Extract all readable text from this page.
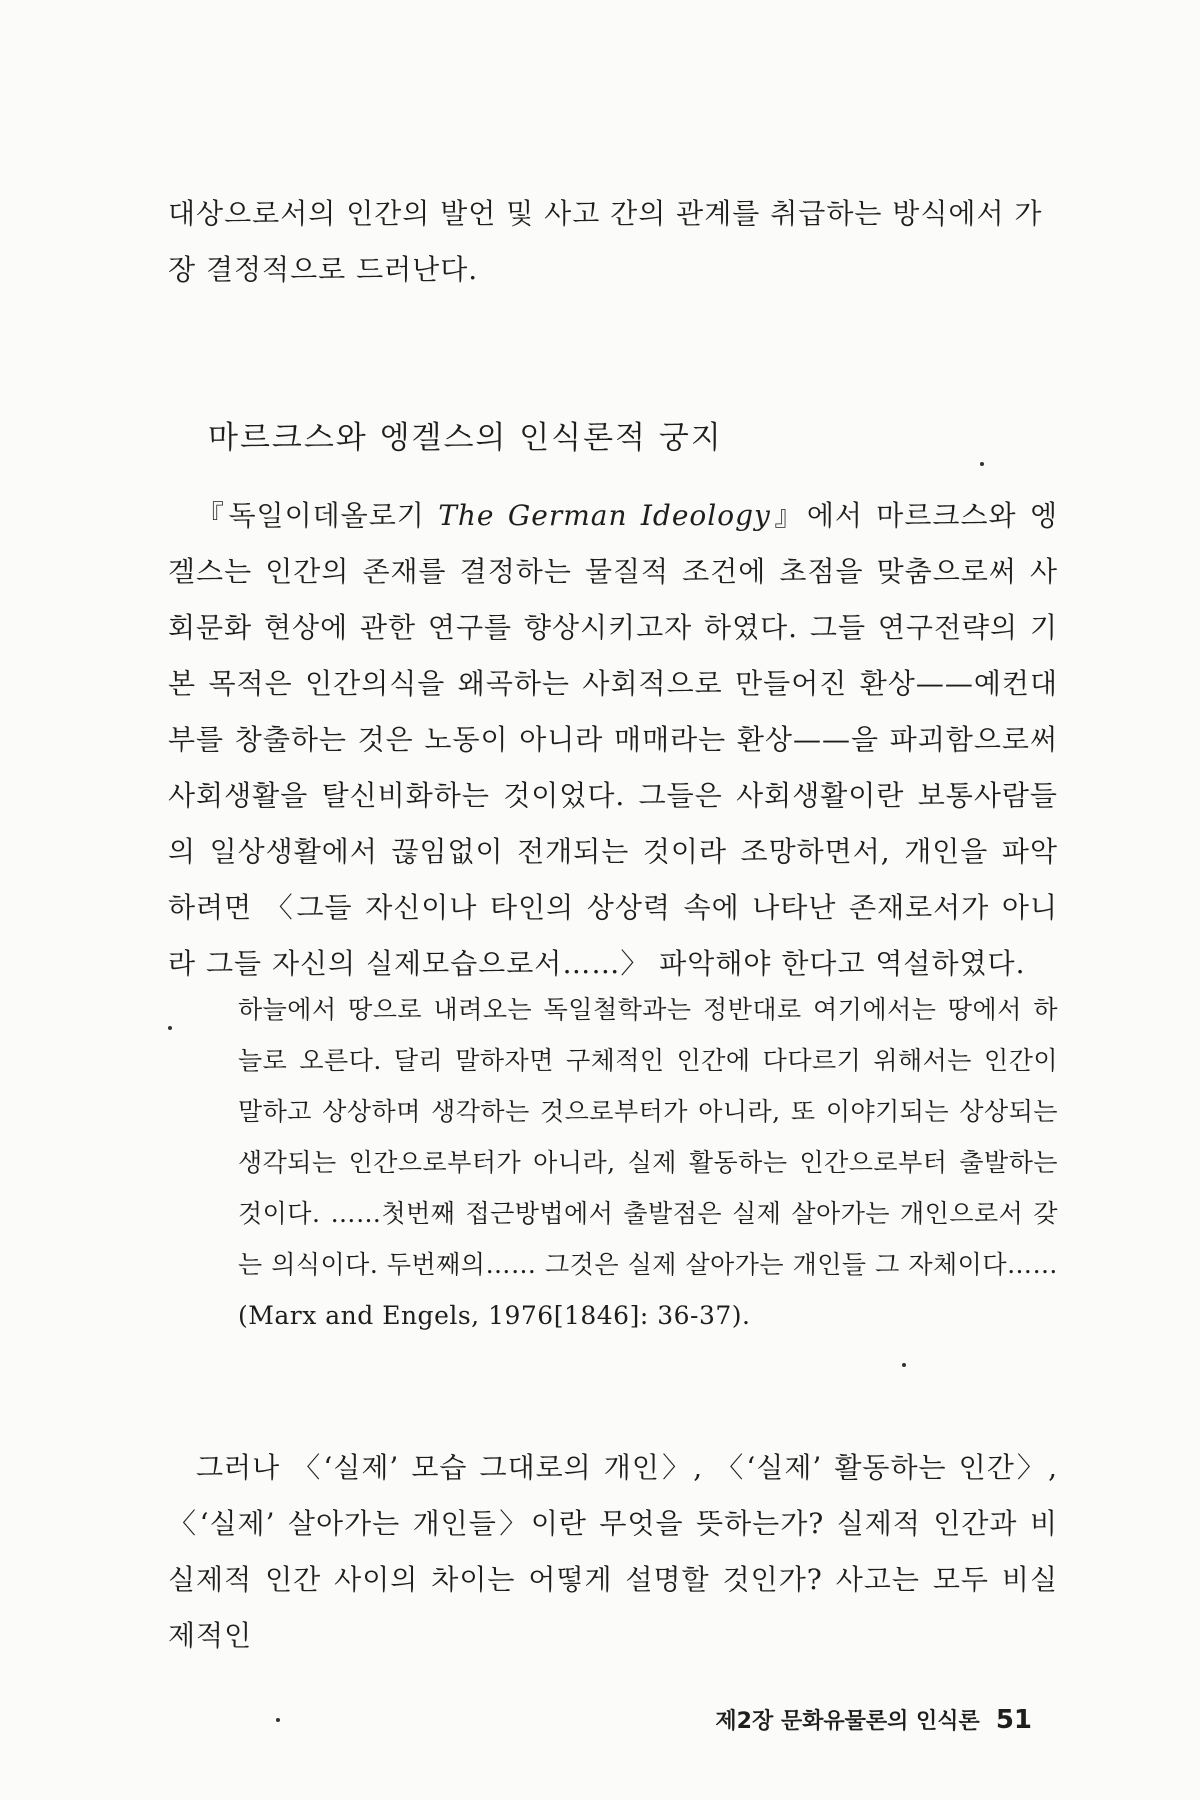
대상으로서의 인간의 발언 및 사고 간의 관계를 취급하는 방식에서 가
장 결정적으로 드러난다.

마르크스와 엥겔스의 인식론적 궁지

『독일이데올로기 The German Ideology』에서 마르크스와 엥겔스는 인간의 존재를 결정하는 물질적 조건에 초점을 맞춤으로써 사회문화 현상에 관한 연구를 향상시키고자 하였다. 그들 연구전략의 기본 목적은 인간의식을 왜곡하는 사회적으로 만들어진 환상——예컨대 부를 창출하는 것은 노동이 아니라 매매라는 환상——을 파괴함으로써 사회생활을 탈신비화하는 것이었다. 그들은 사회생활이란 보통사람들의 일상생활에서 끊임없이 전개되는 것이라 조망하면서, 개인을 파악하려면 〈그들 자신이나 타인의 상상력 속에 나타난 존재로서가 아니라 그들 자신의 실제모습으로서……〉 파악해야 한다고 역설하였다.

하늘에서 땅으로 내려오는 독일철학과는 정반대로 여기에서는 땅에서 하늘로 오른다. 달리 말하자면 구체적인 인간에 다다르기 위해서는 인간이 말하고 상상하며 생각하는 것으로부터가 아니라, 또 이야기되는 상상되는 생각되는 인간으로부터가 아니라, 실제 활동하는 인간으로부터 출발하는 것이다. ……첫번째 접근방법에서 출발점은 실제 살아가는 개인으로서 갖는 의식이다. 두번째의…… 그것은 실제 살아가는 개인들 그 자체이다……(Marx and Engels, 1976[1846]: 36-37).

그러나 〈‘실제’ 모습 그대로의 개인〉, 〈‘실제’ 활동하는 인간〉, 〈‘실제’ 살아가는 개인들〉이란 무엇을 뜻하는가? 실제적 인간과 비실제적 인간 사이의 차이는 어떻게 설명할 것인가? 사고는 모두 비실제적인

제2장 문화유물론의 인식론 51
